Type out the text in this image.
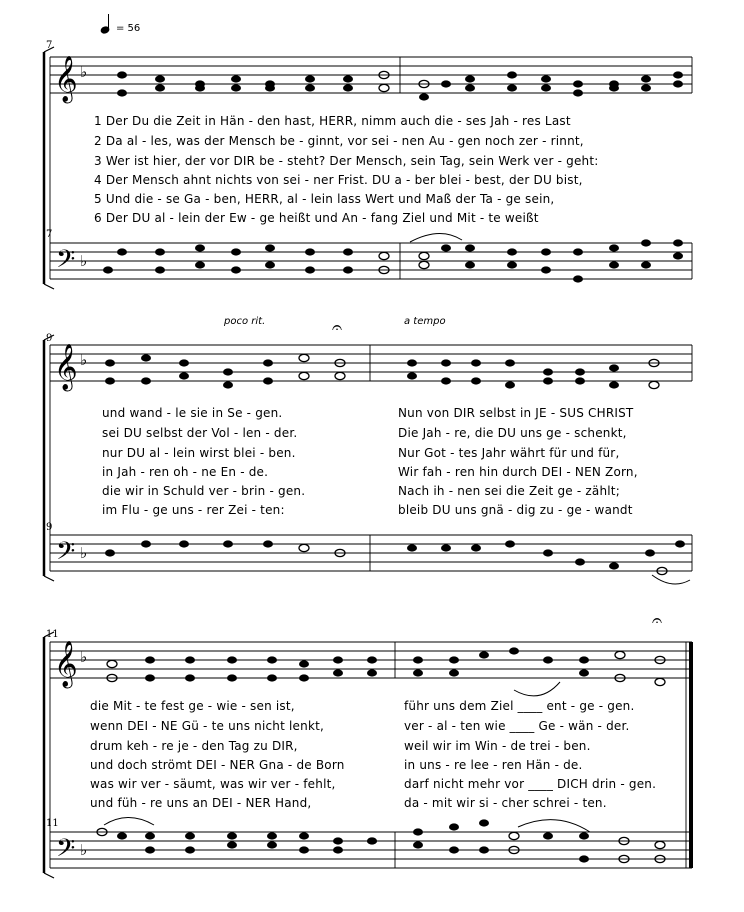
𝄞
𝄢
𝄞
𝄢
𝄞
𝄢
♭
♭
♭
♭
♭
♭
𝄐
𝄐
= 56
poco rit.	a tempo
7
7
9
9
11
11
1 Der Du die Zeit in Hän - den hast, HERR, nimm auch die - ses Jah - res Last
2 Da al - les, was der Mensch be - ginnt, vor sei - nen Au - gen noch zer - rinnt,
3 Wer ist hier, der vor DIR be - steht? Der Mensch, sein Tag, sein Werk ver - geht:
4 Der Mensch ahnt nichts von sei - ner Frist. DU a - ber blei - best, der DU bist,
5 Und die - se Ga - ben, HERR, al - lein lass Wert und Maß der Ta - ge sein,
6 Der DU al - lein der Ew - ge heißt und An - fang Ziel und Mit - te weißt
und wand - le sie in Se - gen.
sei DU selbst der Vol - len - der.
nur DU al - lein wirst blei - ben.
in Jah - ren oh - ne En - de.
die wir in Schuld ver - brin - gen.
im Flu - ge uns - rer Zei - ten:
Nun von DIR selbst in JE - SUS CHRIST
Die Jah - re, die DU uns ge - schenkt,
Nur Got - tes Jahr währt für und für,
Wir fah - ren hin durch DEI - NEN Zorn,
Nach ih - nen sei die Zeit ge - zählt;
bleib DU uns gnä - dig zu - ge - wandt
die Mit - te fest ge - wie - sen ist,
wenn DEI - NE Gü - te uns nicht lenkt,
drum keh - re je - den Tag zu DIR,
und doch strömt DEI - NER Gna - de Born
was wir ver - säumt, was wir ver - fehlt,
und füh - re uns an DEI - NER Hand,
führ uns dem Ziel ____ ent - ge - gen.
ver - al - ten wie ____ Ge - wän - der.
weil wir im Win - de trei - ben.
in uns - re lee - ren Hän - de.
darf nicht mehr vor ____ DICH drin - gen.
da - mit wir si - cher schrei - ten.
